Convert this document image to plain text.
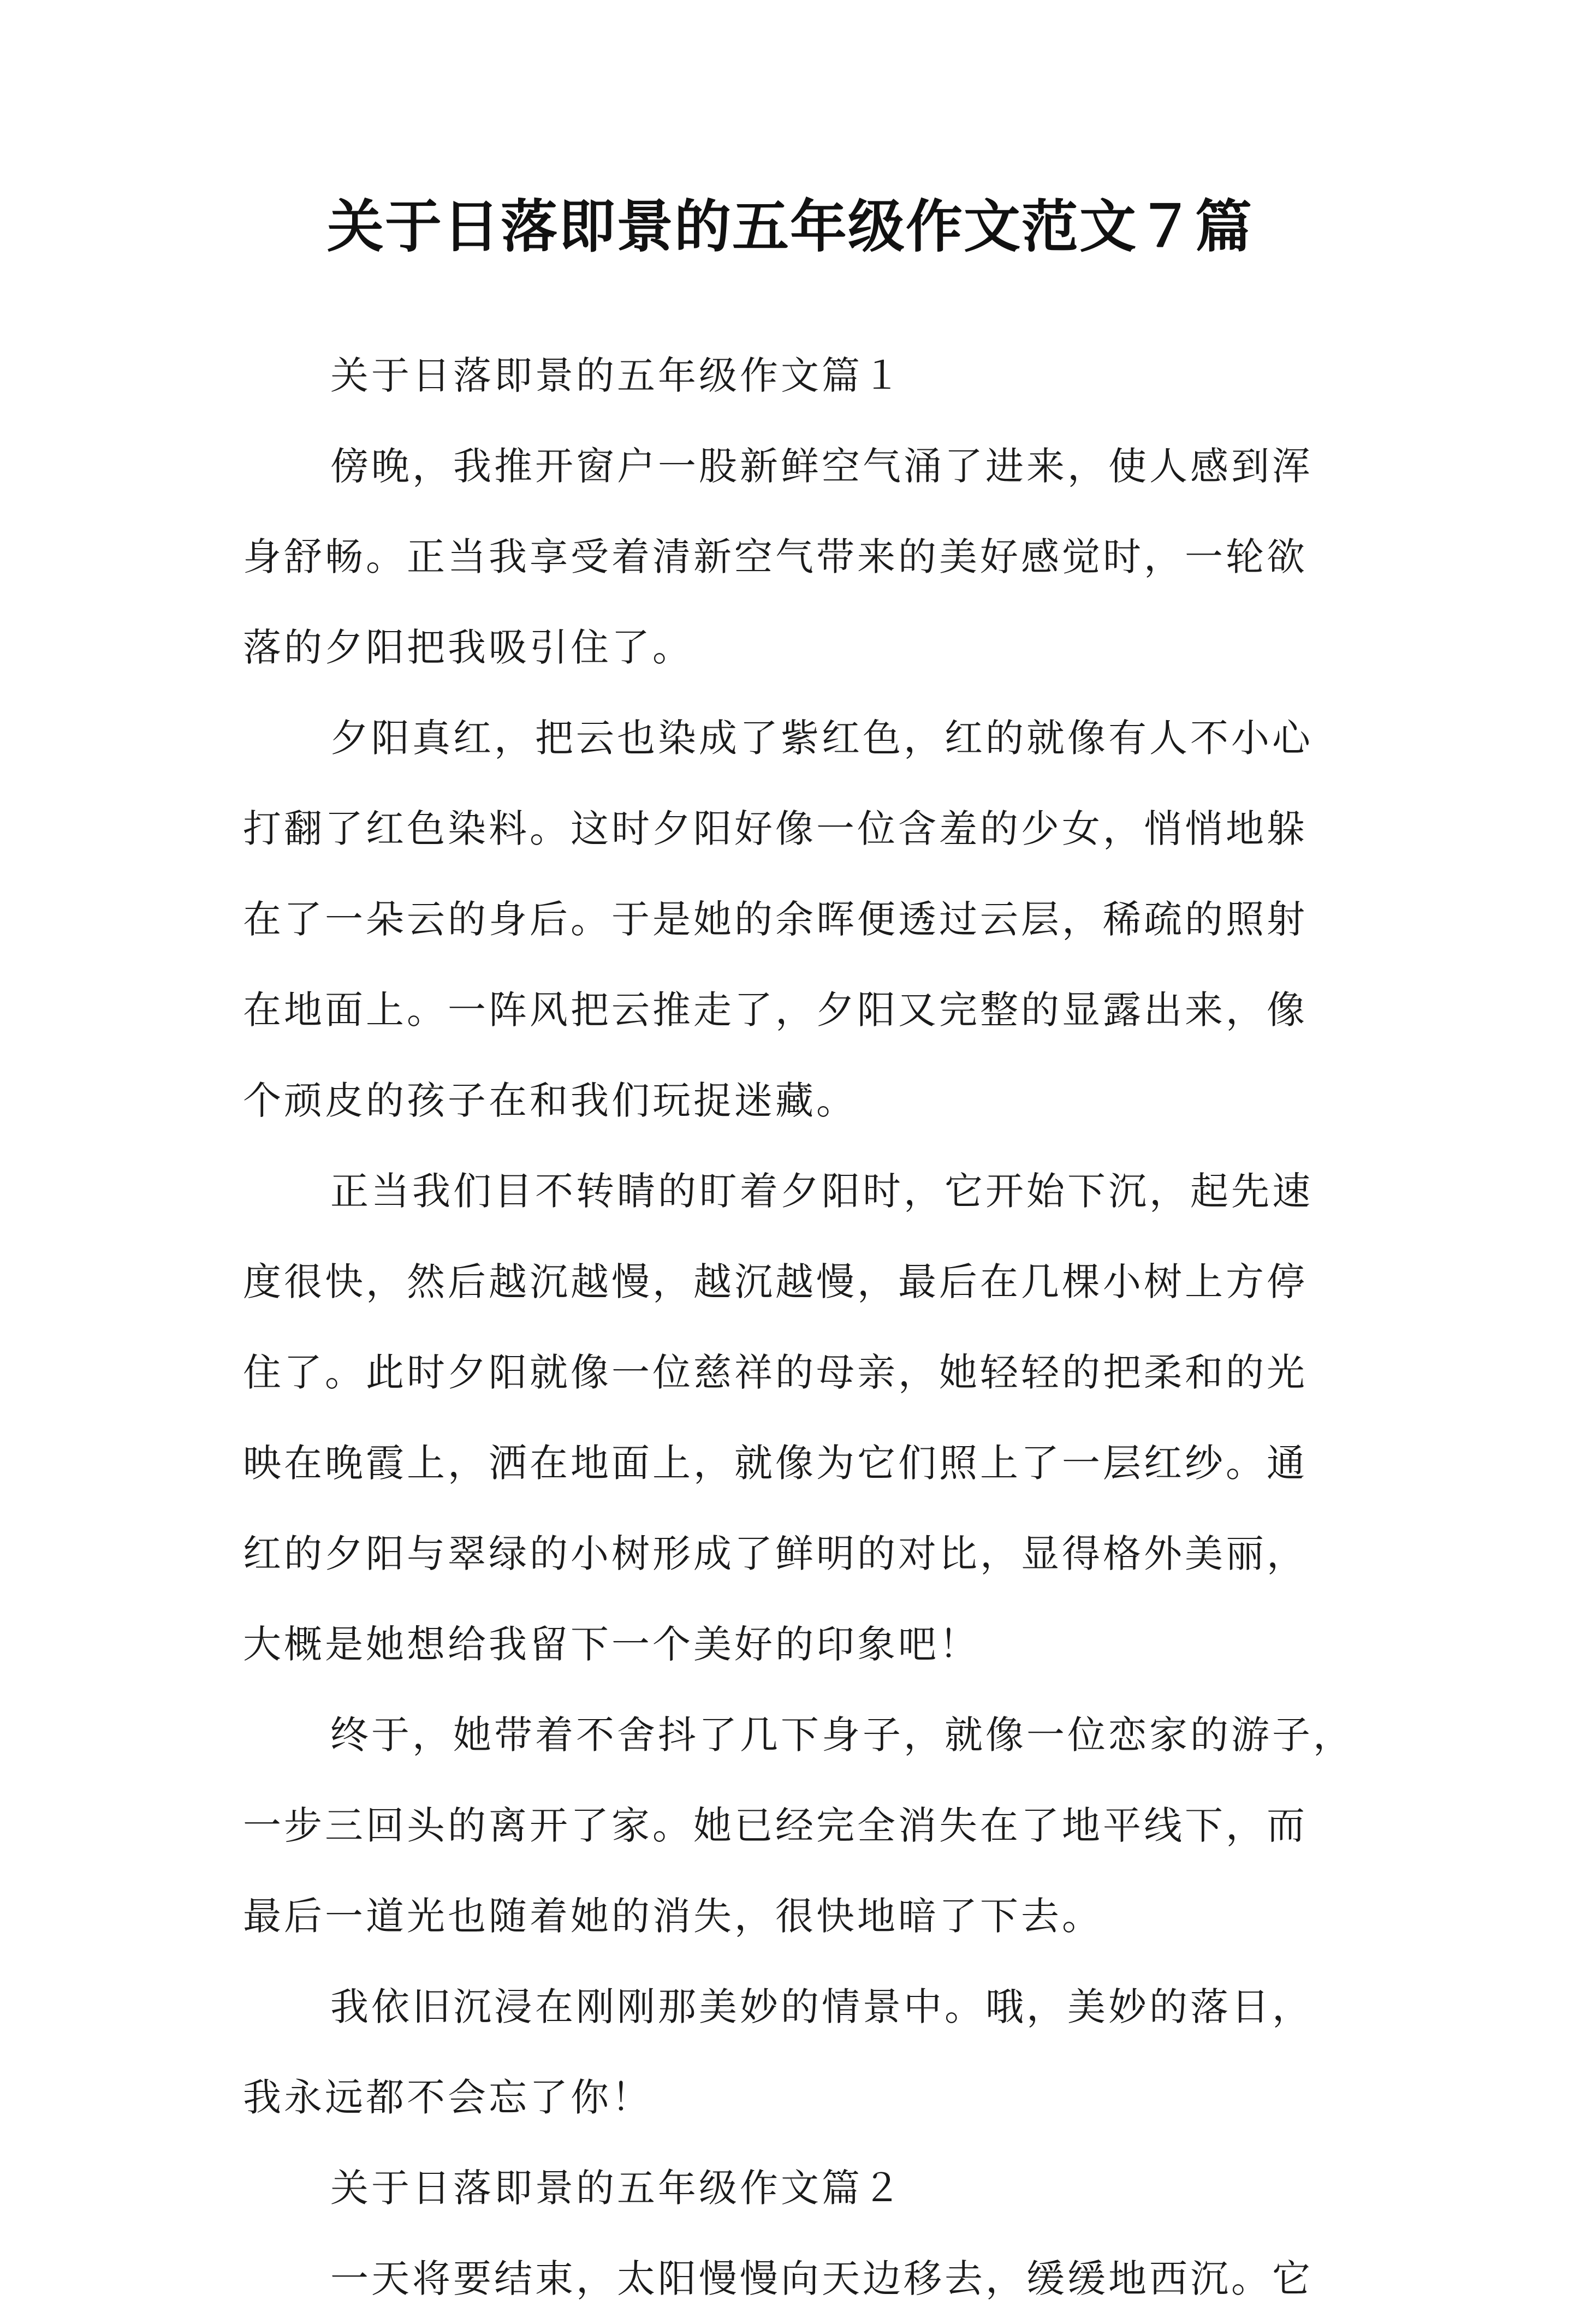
关于日落即景的五年级作文范文７篇
关于日落即景的五年级作文篇１
傍晚，我推开窗户一股新鲜空气涌了进来，使人感到浑
身舒畅。正当我享受着清新空气带来的美好感觉时，一轮欲
落的夕阳把我吸引住了。
夕阳真红，把云也染成了紫红色，红的就像有人不小心
打翻了红色染料。这时夕阳好像一位含羞的少女，悄悄地躲
在了一朵云的身后。于是她的余晖便透过云层，稀疏的照射
在地面上。一阵风把云推走了，夕阳又完整的显露出来，像
个顽皮的孩子在和我们玩捉迷藏。
正当我们目不转睛的盯着夕阳时，它开始下沉，起先速
度很快，然后越沉越慢，越沉越慢，最后在几棵小树上方停
住了。此时夕阳就像一位慈祥的母亲，她轻轻的把柔和的光
映在晚霞上，洒在地面上，就像为它们照上了一层红纱。通
红的夕阳与翠绿的小树形成了鲜明的对比，显得格外美丽，
大概是她想给我留下一个美好的印象吧！
终于，她带着不舍抖了几下身子，就像一位恋家的游子，
一步三回头的离开了家。她已经完全消失在了地平线下，而
最后一道光也随着她的消失，很快地暗了下去。
我依旧沉浸在刚刚那美妙的情景中。哦，美妙的落日，
我永远都不会忘了你！
关于日落即景的五年级作文篇２
一天将要结束，太阳慢慢向天边移去，缓缓地西沉。它
